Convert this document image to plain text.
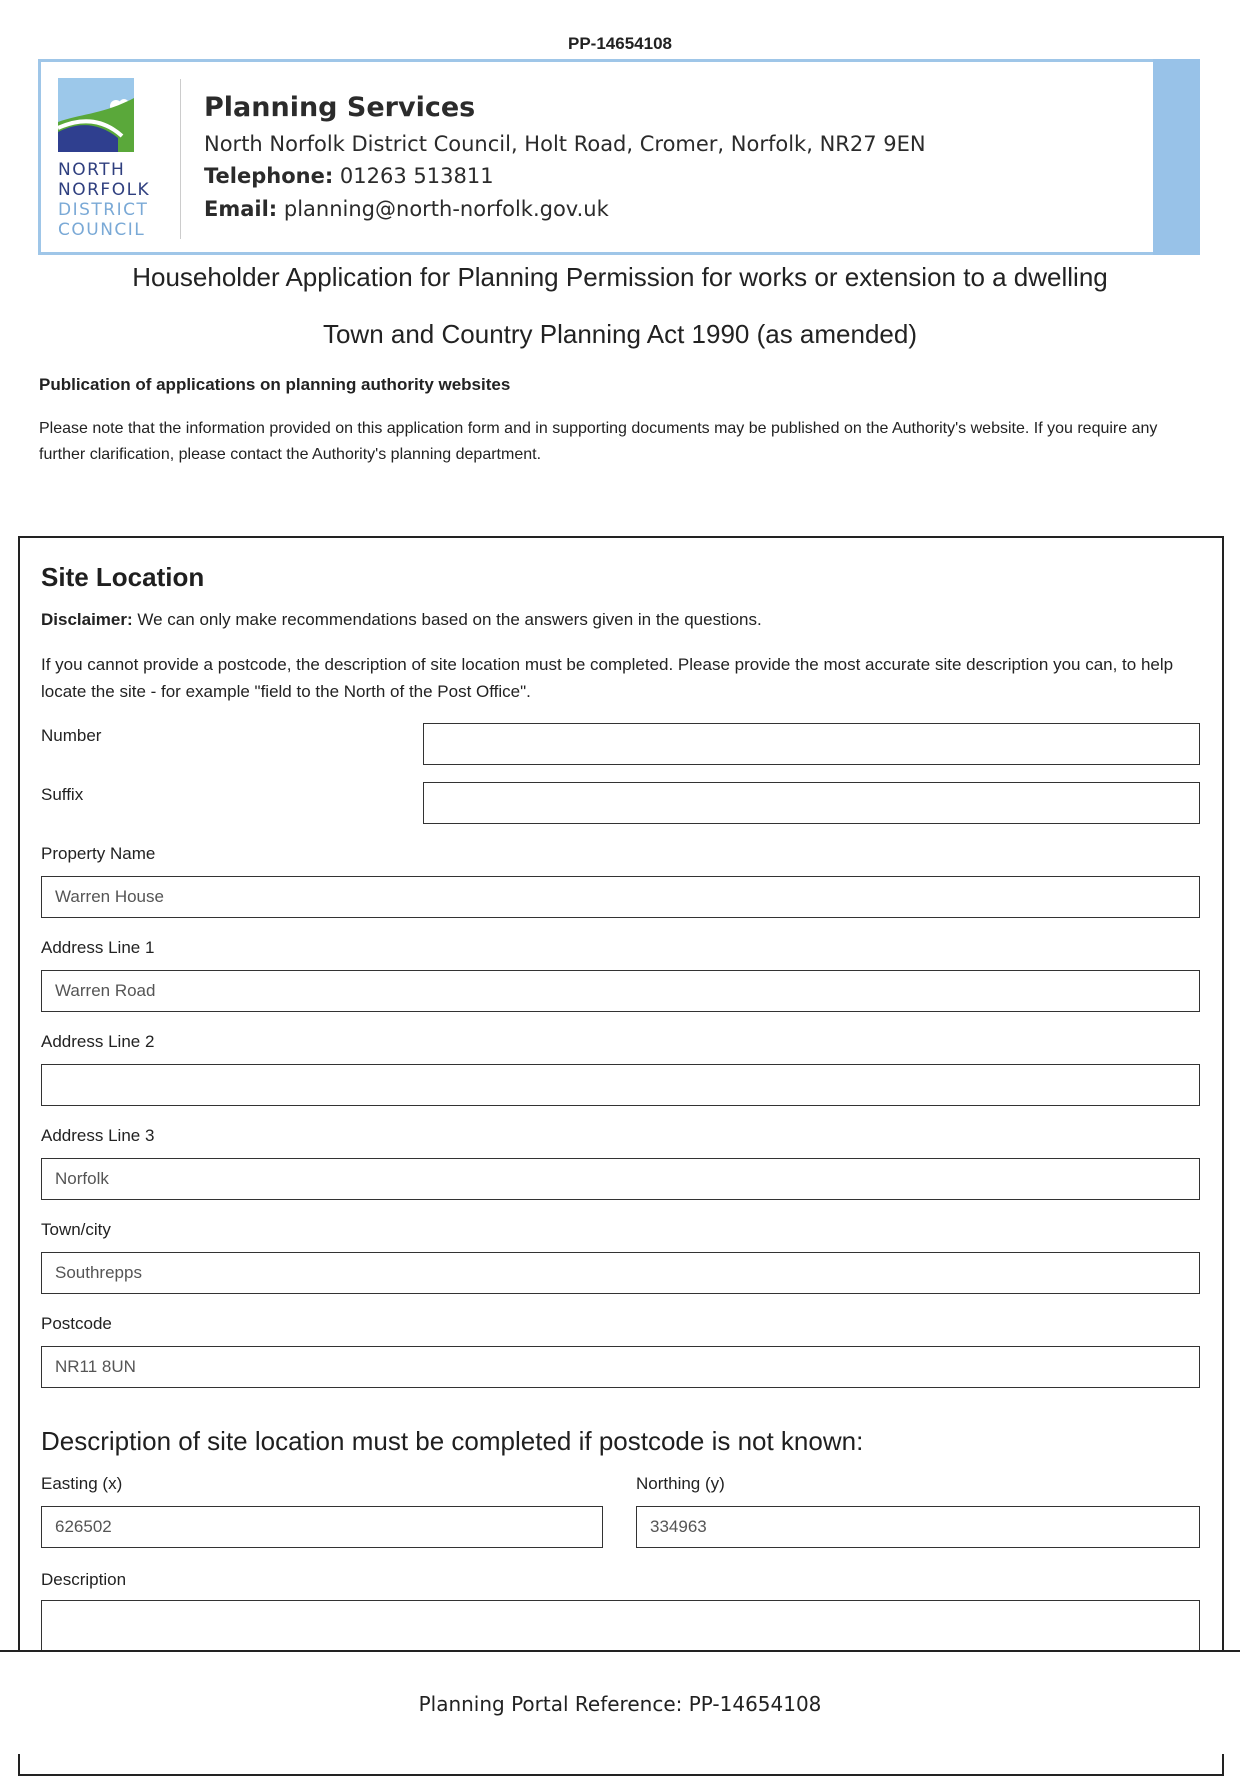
PP-14654108
NORTH
NORFOLK
DISTRICT
COUNCIL
Planning Services
North Norfolk District Council, Holt Road, Cromer, Norfolk, NR27 9EN
Telephone: 01263 513811
Email: planning@north-norfolk.gov.uk
Householder Application for Planning Permission for works or extension to a dwelling
Town and Country Planning Act 1990 (as amended)
Publication of applications on planning authority websites
Please note that the information provided on this application form and in supporting documents may be published on the Authority's website. If you require any further clarification, please contact the Authority's planning department.
Site Location
Disclaimer: We can only make recommendations based on the answers given in the questions.
If you cannot provide a postcode, the description of site location must be completed. Please provide the most accurate site description you can, to help locate the site - for example "field to the North of the Post Office".
Number
Suffix
Property Name
Warren House
Address Line 1
Warren Road
Address Line 2
Address Line 3
Norfolk
Town/city
Southrepps
Postcode
NR11 8UN
Description of site location must be completed if postcode is not known:
Easting (x)
626502
Northing (y)
334963
Description
Planning Portal Reference: PP-14654108
